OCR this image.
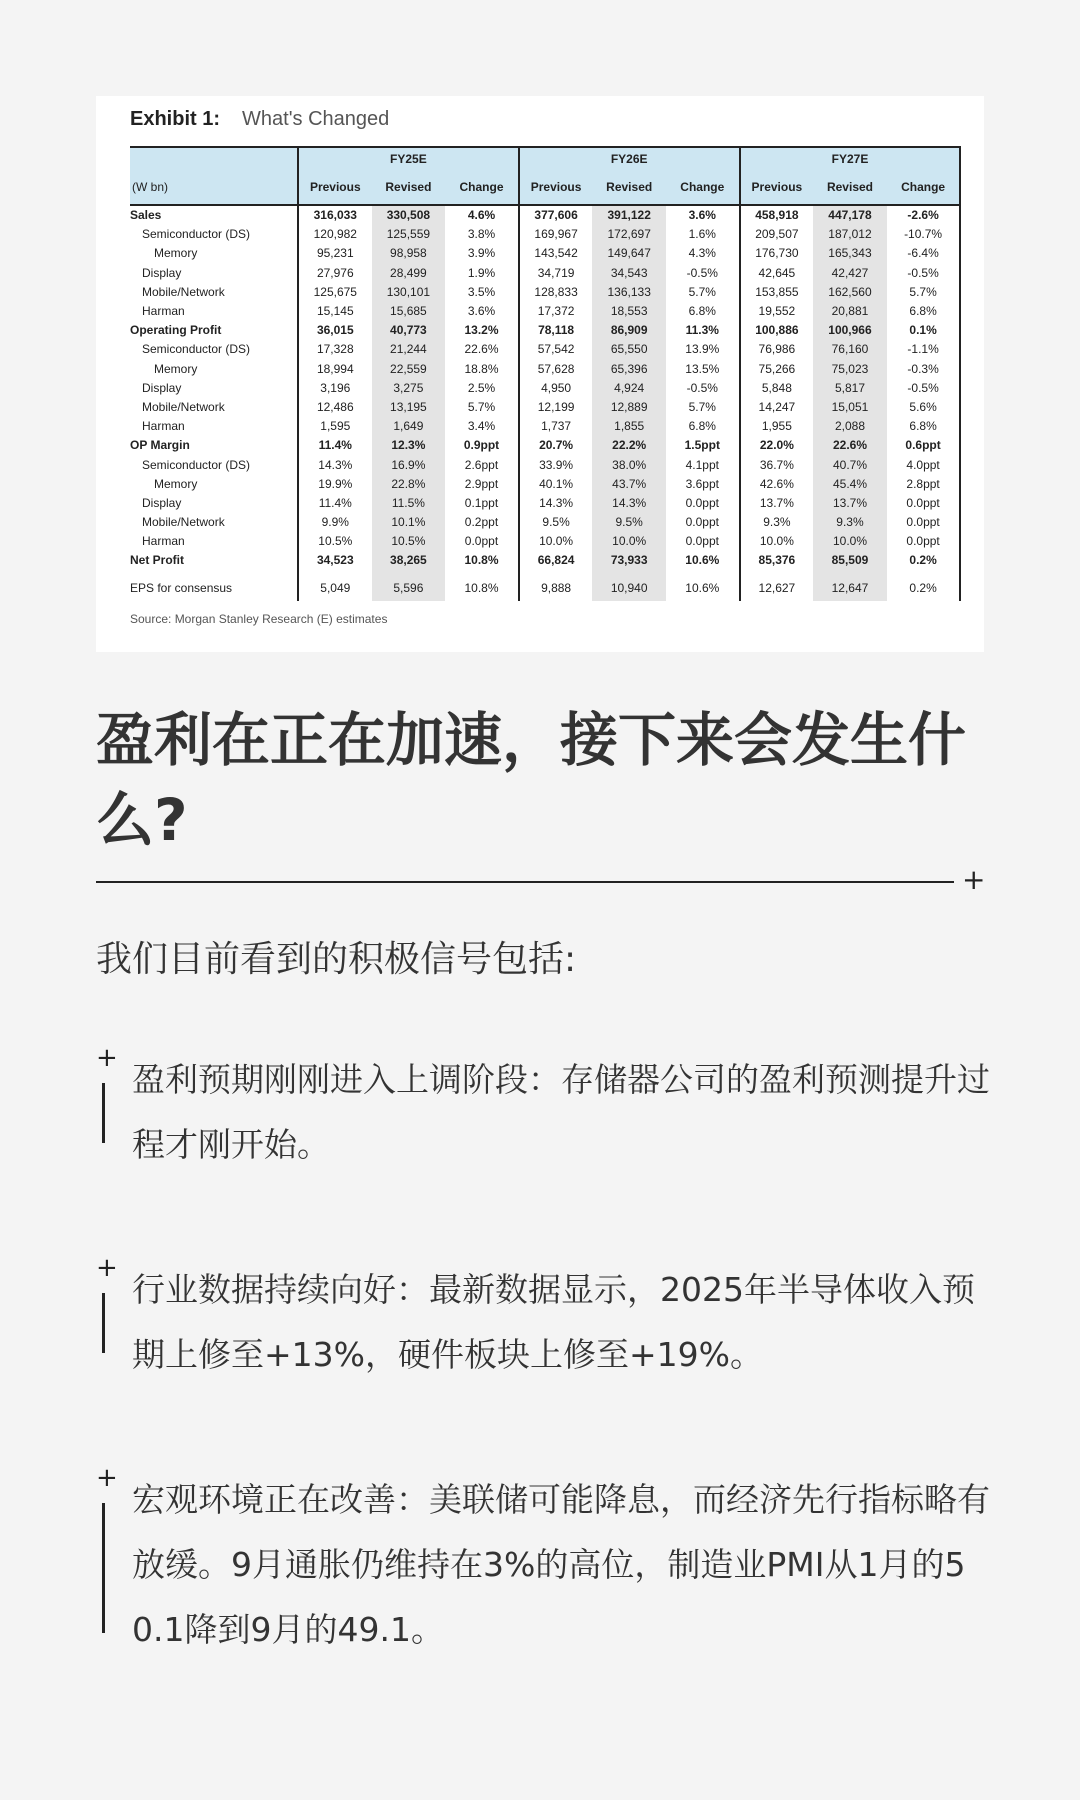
Exhibit 1: What's Changed
	FY25E			FY26E			FY27E		
(W bn)	Previous	Revised	Change	Previous	Revised	Change	Previous	Revised	Change
Sales	316,033	330,508	4.6%	377,606	391,122	3.6%	458,918	447,178	-2.6%
Semiconductor (DS)	120,982	125,559	3.8%	169,967	172,697	1.6%	209,507	187,012	-10.7%
Memory	95,231	98,958	3.9%	143,542	149,647	4.3%	176,730	165,343	-6.4%
Display	27,976	28,499	1.9%	34,719	34,543	-0.5%	42,645	42,427	-0.5%
Mobile/Network	125,675	130,101	3.5%	128,833	136,133	5.7%	153,855	162,560	5.7%
Harman	15,145	15,685	3.6%	17,372	18,553	6.8%	19,552	20,881	6.8%
Operating Profit	36,015	40,773	13.2%	78,118	86,909	11.3%	100,886	100,966	0.1%
Semiconductor (DS)	17,328	21,244	22.6%	57,542	65,550	13.9%	76,986	76,160	-1.1%
Memory	18,994	22,559	18.8%	57,628	65,396	13.5%	75,266	75,023	-0.3%
Display	3,196	3,275	2.5%	4,950	4,924	-0.5%	5,848	5,817	-0.5%
Mobile/Network	12,486	13,195	5.7%	12,199	12,889	5.7%	14,247	15,051	5.6%
Harman	1,595	1,649	3.4%	1,737	1,855	6.8%	1,955	2,088	6.8%
OP Margin	11.4%	12.3%	0.9ppt	20.7%	22.2%	1.5ppt	22.0%	22.6%	0.6ppt
Semiconductor (DS)	14.3%	16.9%	2.6ppt	33.9%	38.0%	4.1ppt	36.7%	40.7%	4.0ppt
Memory	19.9%	22.8%	2.9ppt	40.1%	43.7%	3.6ppt	42.6%	45.4%	2.8ppt
Display	11.4%	11.5%	0.1ppt	14.3%	14.3%	0.0ppt	13.7%	13.7%	0.0ppt
Mobile/Network	9.9%	10.1%	0.2ppt	9.5%	9.5%	0.0ppt	9.3%	9.3%	0.0ppt
Harman	10.5%	10.5%	0.0ppt	10.0%	10.0%	0.0ppt	10.0%	10.0%	0.0ppt
Net Profit	34,523	38,265	10.8%	66,824	73,933	10.6%	85,376	85,509	0.2%

EPS for consensus	5,049	5,596	10.8%	9,888	10,940	10.6%	12,627	12,647	0.2%
Source: Morgan Stanley Research (E) estimates
盈利在正在加速，接下来会发生什么?
+
我们目前看到的积极信号包括:
+
盈利预期刚刚进入上调阶段：存储器公司的盈利预测提升过程才刚开始。
+
行业数据持续向好：最新数据显示，2025年半导体收入预期上修至+13%，硬件板块上修至+19%。
+
宏观环境正在改善：美联储可能降息，而经济先行指标略有放缓。9月通胀仍维持在3%的高位，制造业PMI从1月的50.1降到9月的49.1。
